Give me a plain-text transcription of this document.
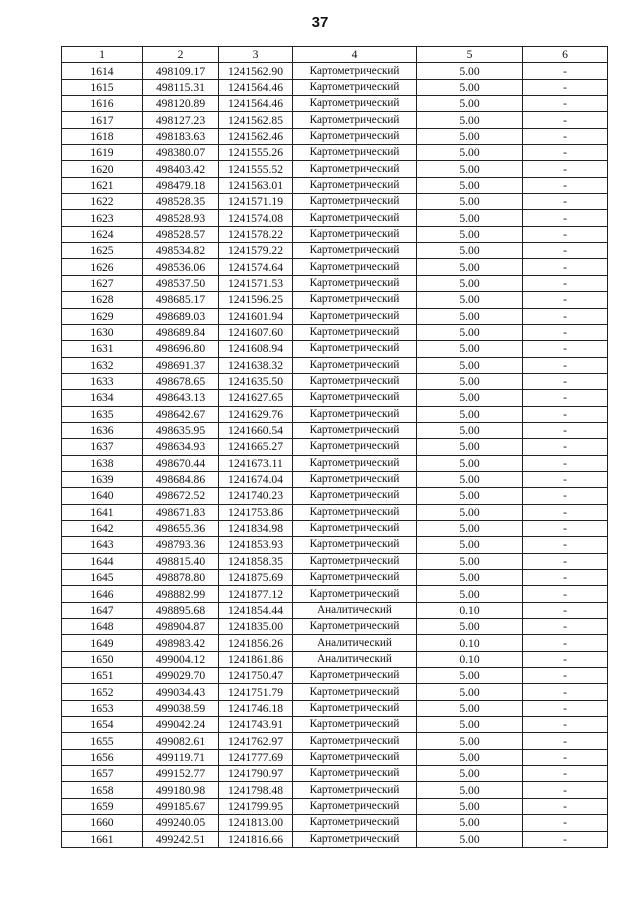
37
1	2	3	4	5	6
1614	498109.17	1241562.90	Картометрический	5.00	-
1615	498115.31	1241564.46	Картометрический	5.00	-
1616	498120.89	1241564.46	Картометрический	5.00	-
1617	498127.23	1241562.85	Картометрический	5.00	-
1618	498183.63	1241562.46	Картометрический	5.00	-
1619	498380.07	1241555.26	Картометрический	5.00	-
1620	498403.42	1241555.52	Картометрический	5.00	-
1621	498479.18	1241563.01	Картометрический	5.00	-
1622	498528.35	1241571.19	Картометрический	5.00	-
1623	498528.93	1241574.08	Картометрический	5.00	-
1624	498528.57	1241578.22	Картометрический	5.00	-
1625	498534.82	1241579.22	Картометрический	5.00	-
1626	498536.06	1241574.64	Картометрический	5.00	-
1627	498537.50	1241571.53	Картометрический	5.00	-
1628	498685.17	1241596.25	Картометрический	5.00	-
1629	498689.03	1241601.94	Картометрический	5.00	-
1630	498689.84	1241607.60	Картометрический	5.00	-
1631	498696.80	1241608.94	Картометрический	5.00	-
1632	498691.37	1241638.32	Картометрический	5.00	-
1633	498678.65	1241635.50	Картометрический	5.00	-
1634	498643.13	1241627.65	Картометрический	5.00	-
1635	498642.67	1241629.76	Картометрический	5.00	-
1636	498635.95	1241660.54	Картометрический	5.00	-
1637	498634.93	1241665.27	Картометрический	5.00	-
1638	498670.44	1241673.11	Картометрический	5.00	-
1639	498684.86	1241674.04	Картометрический	5.00	-
1640	498672.52	1241740.23	Картометрический	5.00	-
1641	498671.83	1241753.86	Картометрический	5.00	-
1642	498655.36	1241834.98	Картометрический	5.00	-
1643	498793.36	1241853.93	Картометрический	5.00	-
1644	498815.40	1241858.35	Картометрический	5.00	-
1645	498878.80	1241875.69	Картометрический	5.00	-
1646	498882.99	1241877.12	Картометрический	5.00	-
1647	498895.68	1241854.44	Аналитический	0.10	-
1648	498904.87	1241835.00	Картометрический	5.00	-
1649	498983.42	1241856.26	Аналитический	0.10	-
1650	499004.12	1241861.86	Аналитический	0.10	-
1651	499029.70	1241750.47	Картометрический	5.00	-
1652	499034.43	1241751.79	Картометрический	5.00	-
1653	499038.59	1241746.18	Картометрический	5.00	-
1654	499042.24	1241743.91	Картометрический	5.00	-
1655	499082.61	1241762.97	Картометрический	5.00	-
1656	499119.71	1241777.69	Картометрический	5.00	-
1657	499152.77	1241790.97	Картометрический	5.00	-
1658	499180.98	1241798.48	Картометрический	5.00	-
1659	499185.67	1241799.95	Картометрический	5.00	-
1660	499240.05	1241813.00	Картометрический	5.00	-
1661	499242.51	1241816.66	Картометрический	5.00	-
